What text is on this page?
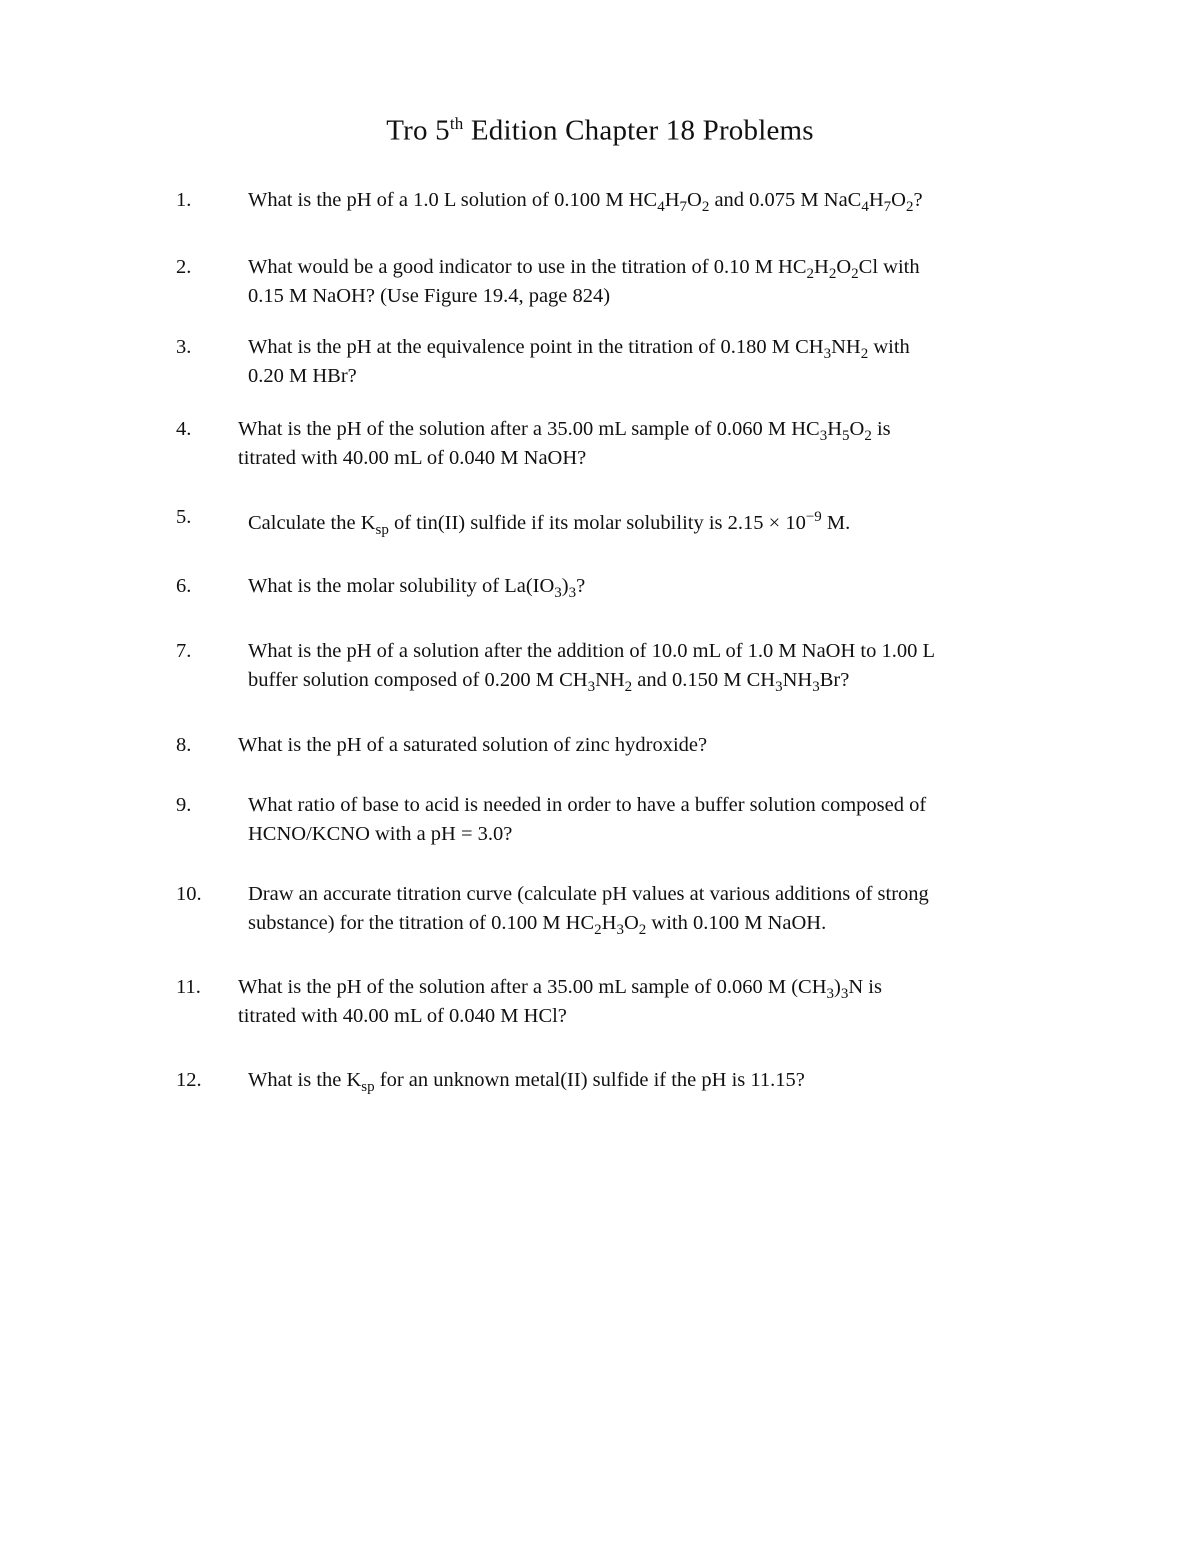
Tro 5th Edition Chapter 18 Problems
1.	What is the pH of a 1.0 L solution of 0.100 M $HC_4H_7O_2$ and 0.075 M $NaC_4H_7O_2$?
2.	What would be a good indicator to use in the titration of 0.10 M $HC_2H_2O_2Cl$ with
0.15 M NaOH? (Use Figure 19.4, page 824)
3.	What is the pH at the equivalence point in the titration of 0.180 M $CH_3NH_2$ with
0.20 M HBr?
4. What is the pH of the solution after a 35.00 mL sample of 0.060 M $HC_3H_5O_2$ is
titrated with 40.00 mL of 0.040 M NaOH?
5.	Calculate the $K_{sp}$ of tin(II) sulfide if its molar solubility is $2.15 \times 10^{-9}$ M.
6.	What is the molar solubility of $La(IO_3)_3$?
7.	What is the pH of a solution after the addition of 10.0 mL of 1.0 M NaOH to 1.00 L
buffer solution composed of 0.200 M $CH_3NH_2$ and 0.150 M $CH_3NH_3Br$?
8. What is the pH of a saturated solution of zinc hydroxide?
9.	What ratio of base to acid is needed in order to have a buffer solution composed of
HCNO/KCNO with a pH = 3.0?
10. Draw an accurate titration curve (calculate pH values at various additions of strong
substance) for the titration of 0.100 M $HC_2H_3O_2$ with 0.100 M NaOH.
11. What is the pH of the solution after a 35.00 mL sample of 0.060 M $(CH_3)_3N$ is
titrated with 40.00 mL of 0.040 M HCl?
12. What is the $K_{sp}$ for an unknown metal(II) sulfide if the pH is 11.15?
